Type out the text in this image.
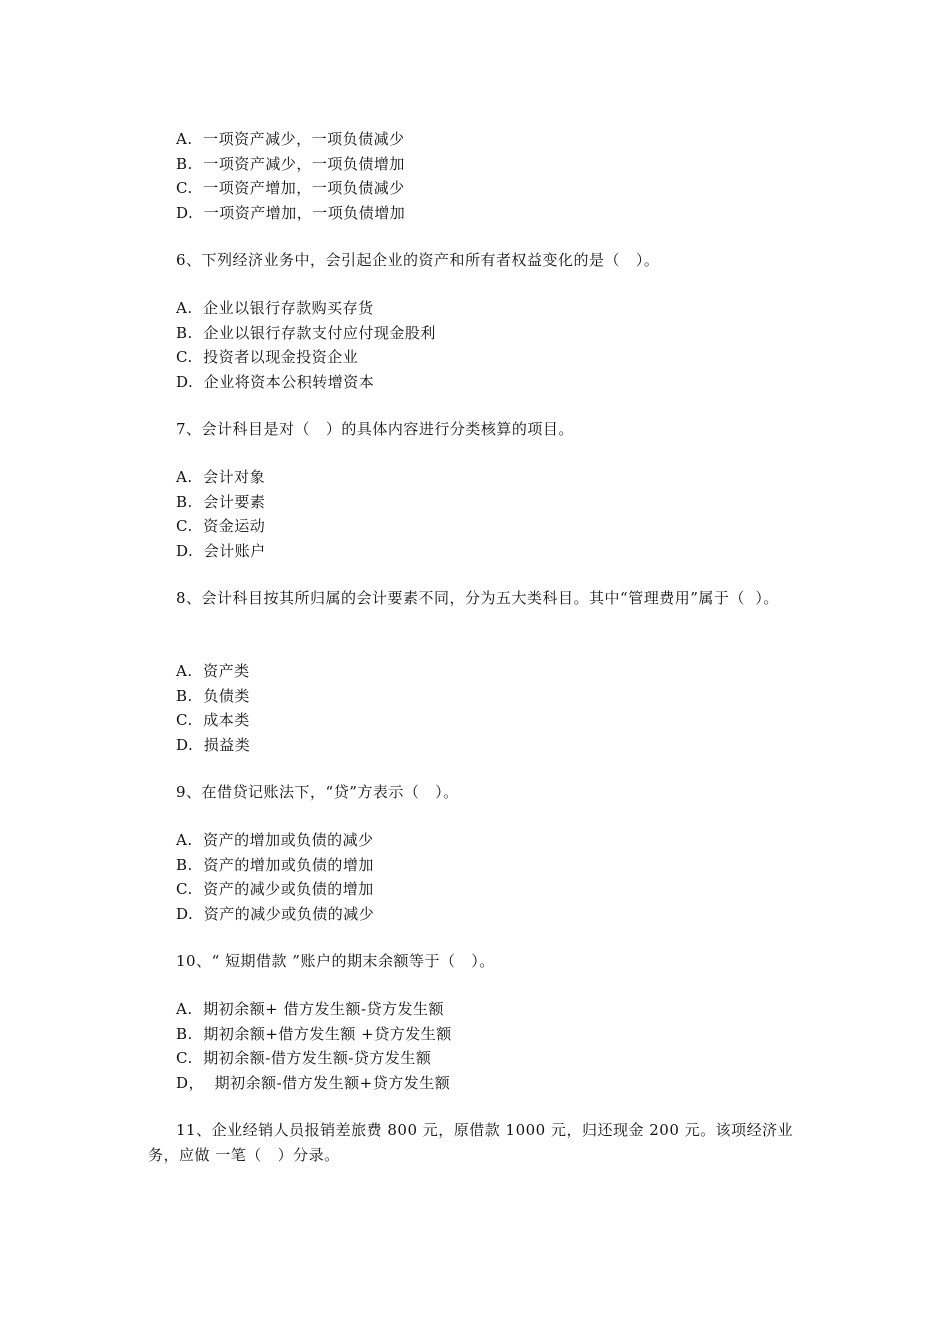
A.  一项资产减少，一项负债减少
B.  一项资产减少，一项负债增加
C.  一项资产增加，一项负债减少
D.  一项资产增加，一项负债增加
6、下列经济业务中，会引起企业的资产和所有者权益变化的是（   ）。
A.  企业以银行存款购买存货
B.  企业以银行存款支付应付现金股利
C.  投资者以现金投资企业
D.  企业将资本公积转增资本
7、会计科目是对（   ）的具体内容进行分类核算的项目。
A.  会计对象
B.  会计要素
C.  资金运动
D.  会计账户
8、会计科目按其所归属的会计要素不同，分为五大类科目。其中“管理费用”属于（  ）。
A.  资产类
B.  负债类
C.  成本类
D.  损益类
9、在借贷记账法下，“贷”方表示（   ）。
A.  资产的增加或负债的减少
B.  资产的增加或负债的增加
C.  资产的减少或负债的增加
D.  资产的减少或负债的减少
10、“ 短期借款 ”账户的期末余额等于（   ）。
A.  期初余额+ 借方发生额-贷方发生额
B.  期初余额+借方发生额 +贷方发生额
C.  期初余额-借方发生额-贷方发生额
D，  期初余额-借方发生额+贷方发生额
11、企业经销人员报销差旅费 800 元，原借款 1000 元，归还现金 200 元。该项经济业务，应做 一笔（   ）分录。
